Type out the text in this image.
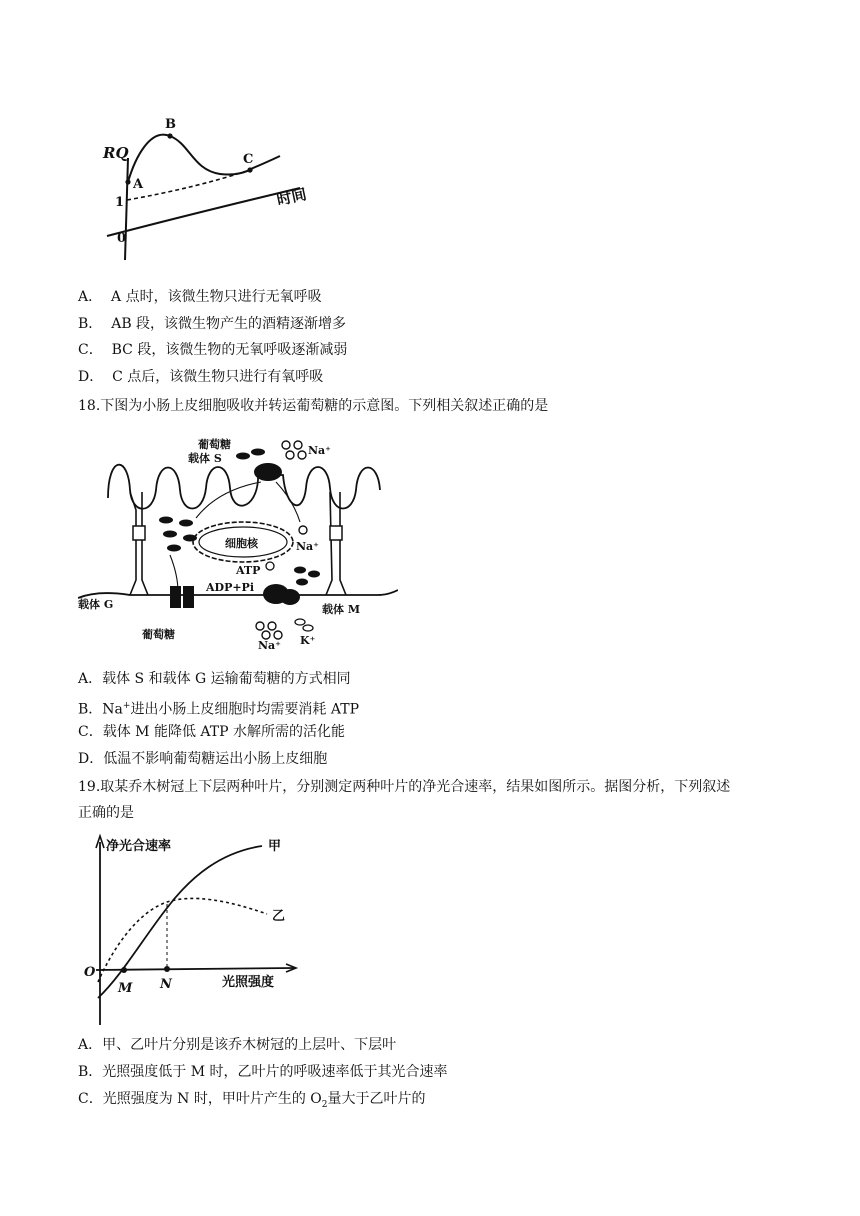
RQ
时间
A
B
C
1
0
A． A 点时，该微生物只进行无氧呼吸
B． AB 段，该微生物产生的酒精逐渐增多
C． BC 段，该微生物的无氧呼吸逐渐减弱
D． C 点后，该微生物只进行有氧呼吸
18.下图为小肠上皮细胞吸收并转运葡萄糖的示意图。下列相关叙述正确的是
葡萄糖
载体 S
Na⁺
细胞核	Na⁺
ATP
ADP+Pi
载体 G	载体 M
葡萄糖
Na⁺ K⁺
A．载体 S 和载体 G 运输葡萄糖的方式相同
B．Na+进出小肠上皮细胞时均需要消耗 ATP
C．载体 M 能降低 ATP 水解所需的活化能
D．低温不影响葡萄糖运出小肠上皮细胞
19.取某乔木树冠上下层两种叶片，分别测定两种叶片的净光合速率，结果如图所示。据图分析，下列叙述
正确的是
净光合速率
光照强度
甲
乙
O
M N
A．甲、乙叶片分别是该乔木树冠的上层叶、下层叶
B．光照强度低于 M 时，乙叶片的呼吸速率低于其光合速率
C．光照强度为 N 时，甲叶片产生的 $O_2$量大于乙叶片的
